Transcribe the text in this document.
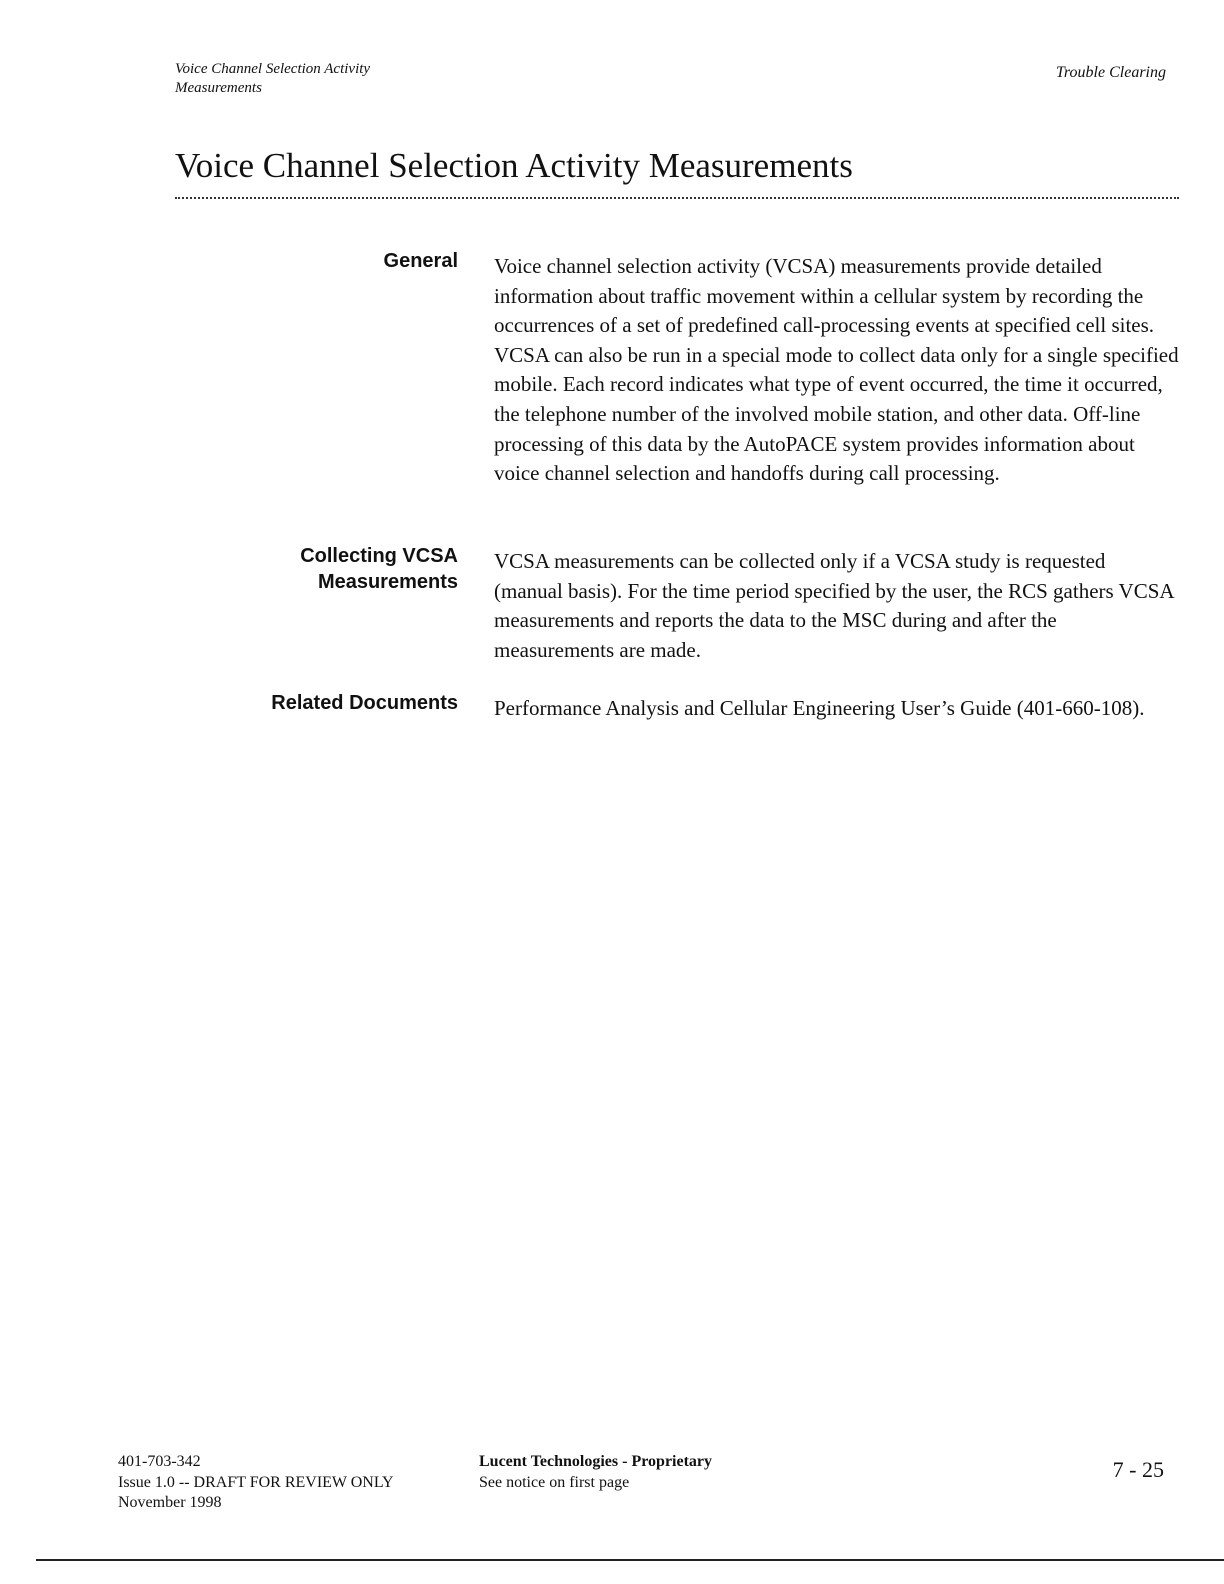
Voice Channel Selection Activity
Measurements
Trouble Clearing
Voice Channel Selection Activity Measurements
General Voice channel selection activity (VCSA) measurements provide detailed information about traffic movement within a cellular system by recording the occurrences of a set of predefined call-processing events at specified cell sites. VCSA can also be run in a special mode to collect data only for a single specified mobile. Each record indicates what type of event occurred, the time it occurred, the telephone number of the involved mobile station, and other data. Off-line processing of this data by the AutoPACE system provides information about voice channel selection and handoffs during call processing.

Collecting VCSA
Measurements

VCSA measurements can be collected only if a VCSA study is requested (manual basis). For the time period specified by the user, the RCS gathers VCSA measurements and reports the data to the MSC during and after the measurements are made.

Related Documents Performance Analysis and Cellular Engineering User’s Guide (401-660-108).

401-703-342
Issue 1.0 -- DRAFT FOR REVIEW ONLY
November 1998
Lucent Technologies - Proprietary
See notice on first page	7 - 25
